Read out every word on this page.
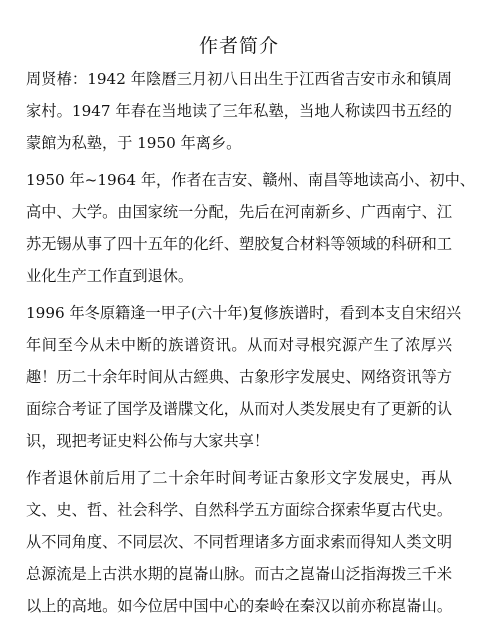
作者简介
周贤椿：1942 年陰曆三月初八日出生于江西省吉安市永和镇周
家村。1947 年春在当地读了三年私塾，当地人称读四书五经的
蒙館为私塾，于 1950 年离乡。
1950 年~1964 年，作者在吉安、赣州、南昌等地读高小、初中、
高中、大学。由国家统一分配，先后在河南新乡、广西南宁、江
苏无锡从事了四十五年的化纤、塑胶复合材料等领域的科研和工
业化生产工作直到退休。
1996 年冬原籍逢一甲子(六十年)复修族谱时，看到本支自宋绍兴
年间至今从未中断的族谱资讯。从而对寻根究源产生了浓厚兴
趣！历二十余年时间从古經典、古象形字发展史、网络资讯等方
面综合考证了国学及谱牒文化，从而对人类发展史有了更新的认
识，现把考证史料公佈与大家共享！
作者退休前后用了二十余年时间考证古象形文字发展史，再从
文、史、哲、社会科学、自然科学五方面综合探索华夏古代史。
从不同角度、不同层次、不同哲理诸多方面求索而得知人类文明
总源流是上古洪水期的崑崙山脉。而古之崑崙山泛指海拨三千米
以上的高地。如今位居中国中心的秦岭在秦汉以前亦称崑崙山。
